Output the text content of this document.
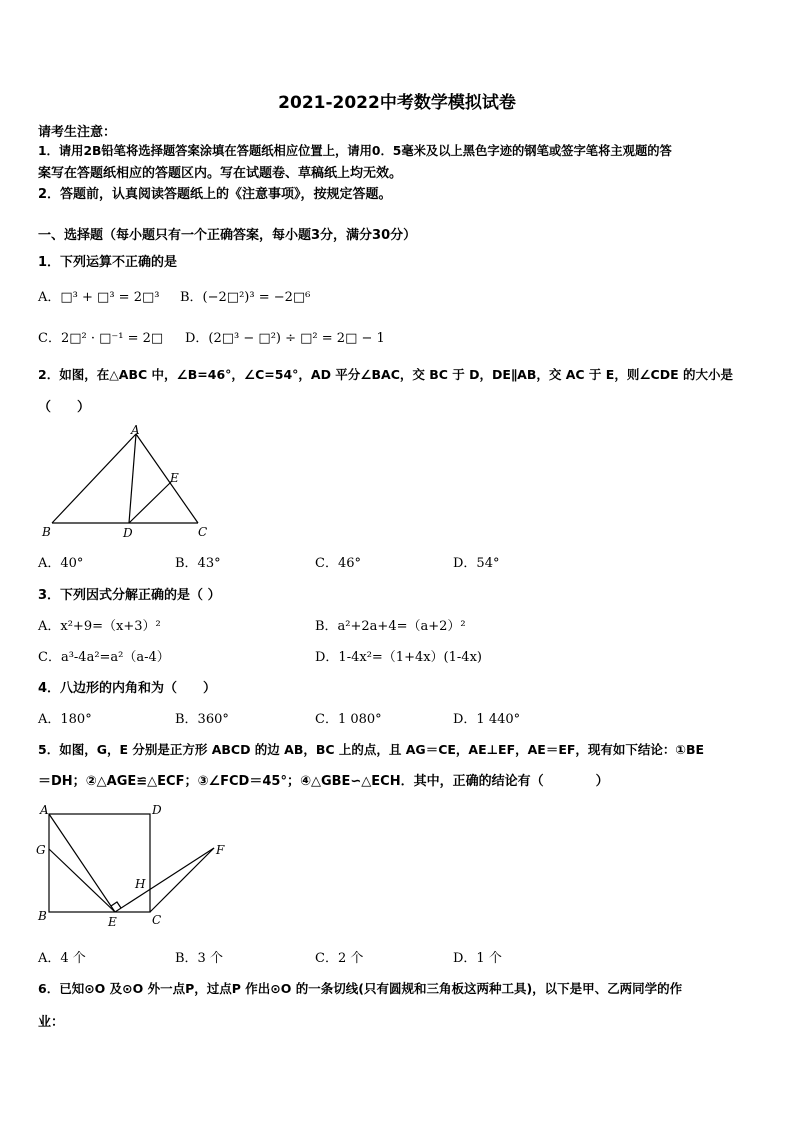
2021-2022中考数学模拟试卷
请考生注意：
1．请用2B铅笔将选择题答案涂填在答题纸相应位置上，请用0．5毫米及以上黑色字迹的钢笔或签字笔将主观题的答
案写在答题纸相应的答题区内。写在试题卷、草稿纸上均无效。
2．答题前，认真阅读答题纸上的《注意事项》，按规定答题。
一、选择题（每小题只有一个正确答案，每小题3分，满分30分）
1．下列运算不正确的是
A．□³ + □³ = 2□³ B．(−2□²)³ = −2□⁶
C．2□² · □⁻¹ = 2□ D．(2□³ − □²) ÷ □² = 2□ − 1
2．如图，在△ABC 中，∠B=46°，∠C=54°，AD 平分∠BAC，交 BC 于 D，DE∥AB，交 AC 于 E，则∠CDE 的大小是
（　　）
A
B	C
D
E
A．40°	B．43°	C．46°	D．54°
3．下列因式分解正确的是（ ）
A．x²+9=（x+3）²	B．a²+2a+4=（a+2）²
C．a³-4a²=a²（a-4）	D．1-4x²=（1+4x）(1-4x)
4．八边形的内角和为（　　）
A．180°	B．360°	C．1 080°	D．1 440°
5．如图，G，E 分别是正方形 ABCD 的边 AB，BC 上的点，且 AG＝CE，AE⊥EF，AE＝EF，现有如下结论：①BE
＝DH；②△AGE≌△ECF；③∠FCD＝45°；④△GBE∽△ECH．其中，正确的结论有（　　　　）
A	D
G	F
H
B	E	C
A．4 个	B．3 个	C．2 个	D．1 个
6．已知⊙O 及⊙O 外一点P，过点P 作出⊙O 的一条切线(只有圆规和三角板这两种工具)，以下是甲、乙两同学的作
业：
